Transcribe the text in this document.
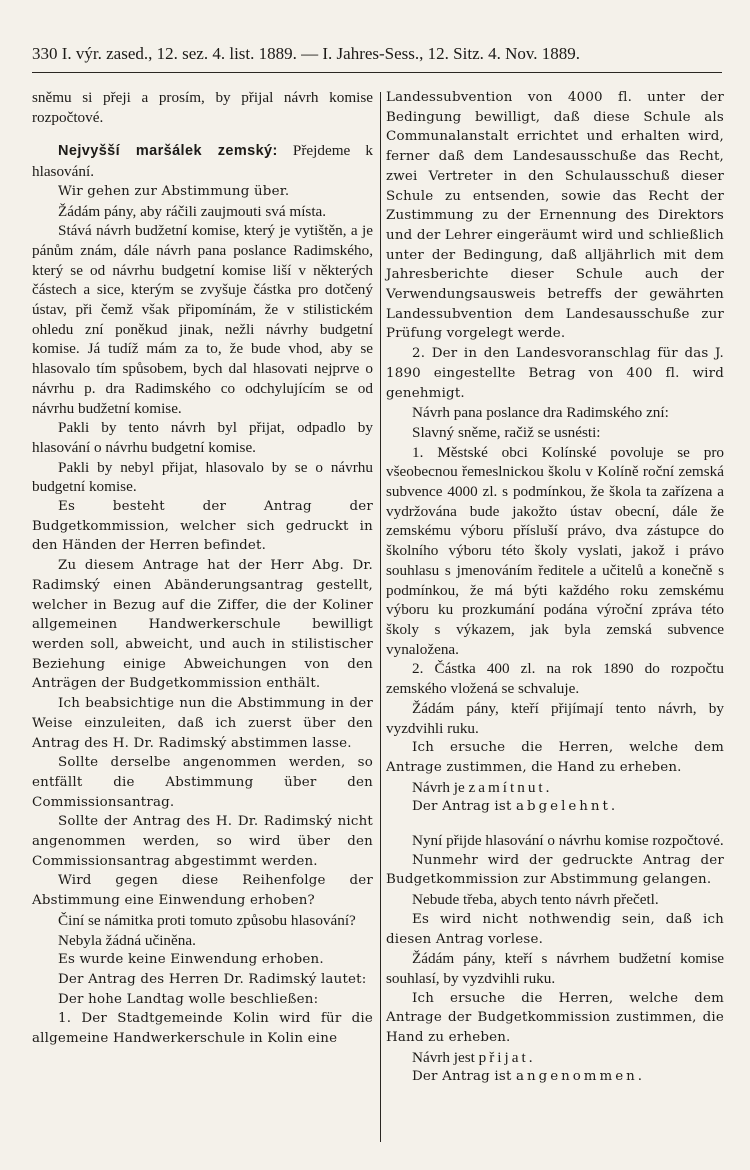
330 I. výr. zased., 12. sez. 4. list. 1889. — I. Jahres-Sess., 12. Sitz. 4. Nov. 1889.

sněmu si přeji a prosím, by přijal návrh komise rozpočtové.

Nejvyšší maršálek zemský: Přejdeme k hlasování.

Wir gehen zur Abstimmung über.

Žádám pány, aby ráčili zaujmouti svá místa.

Stává návrh budžetní komise, který je vytištěn, a je pánům znám, dále návrh pana poslance Radimského, který se od návrhu budgetní komise liší v některých částech a sice, kterým se zvyšuje částka pro dotčený ústav, při čemž však připomínám, že v stilistickém ohledu zní poněkud jinak, nežli návrhy budgetní komise. Já tudíž mám za to, že bude vhod, aby se hlasovalo tím spůsobem, bych dal hlasovati nejprve o návrhu p. dra Radimského co odchylujícím se od návrhu budžetní komise.

Pakli by tento návrh byl přijat, odpadlo by hlasování o návrhu budgetní komise.

Pakli by nebyl přijat, hlasovalo by se o návrhu budgetní komise.

Es besteht der Antrag der Budgetkommission, welcher sich gedruckt in den Händen der Herren befindet.

Zu diesem Antrage hat der Herr Abg. Dr. Radimský einen Abänderungsantrag gestellt, welcher in Bezug auf die Ziffer, die der Koliner allgemeinen Handwerkerschule bewilligt werden soll, abweicht, und auch in stilistischer Beziehung einige Abweichungen von den Anträgen der Budgetkommission enthält.

Ich beabsichtige nun die Abstimmung in der Weise einzuleiten, daß ich zuerst über den Antrag des H. Dr. Radimský abstimmen lasse.

Sollte derselbe angenommen werden, so entfällt die Abstimmung über den Commissionsantrag.

Sollte der Antrag des H. Dr. Radimský nicht angenommen werden, so wird über den Commissionsantrag abgestimmt werden.

Wird gegen diese Reihenfolge der Abstimmung eine Einwendung erhoben?

Činí se námitka proti tomuto způsobu hlasování?

Nebyla žádná učiněna.

Es wurde keine Einwendung erhoben.

Der Antrag des Herren Dr. Radimský lautet:

Der hohe Landtag wolle beschließen:

1. Der Stadtgemeinde Kolin wird für die allgemeine Handwerkerschule in Kolin eine

Landessubvention von 4000 fl. unter der Bedingung bewilligt, daß diese Schule als Communalanstalt errichtet und erhalten wird, ferner daß dem Landesausschuße das Recht, zwei Vertreter in den Schulausschuß dieser Schule zu entsenden, sowie das Recht der Zustimmung zu der Ernennung des Direktors und der Lehrer eingeräumt wird und schließlich unter der Bedingung, daß alljährlich mit dem Jahresberichte dieser Schule auch der Verwendungsausweis betreffs der gewährten Landessubvention dem Landesausschuße zur Prüfung vorgelegt werde.

2. Der in den Landesvoranschlag für das J. 1890 eingestellte Betrag von 400 fl. wird genehmigt.

Návrh pana poslance dra Radimského zní:

Slavný sněme, račiž se usnésti:

1. Městské obci Kolínské povoluje se pro všeobecnou řemeslnickou školu v Kolíně roční zemská subvence 4000 zl. s podmínkou, že škola ta zařízena a vydržována bude jakožto ústav obecní, dále že zemskému výboru přísluší právo, dva zástupce do školního výboru této školy vyslati, jakož i právo souhlasu s jmenováním ředitele a učitelů a konečně s podmínkou, že má býti každého roku zemskému výboru ku prozkumání podána výroční zpráva této školy s výkazem, jak byla zemská subvence vynaložena.

2. Částka 400 zl. na rok 1890 do rozpočtu zemského vložená se schvaluje.

Žádám pány, kteří přijímají tento návrh, by vyzdvihli ruku.

Ich ersuche die Herren, welche dem Antrage zustimmen, die Hand zu erheben.

Návrh je zamítnut.

Der Antrag ist abgelehnt.

Nyní přijde hlasování o návrhu komise rozpočtové.

Nunmehr wird der gedruckte Antrag der Budgetkommission zur Abstimmung gelangen.

Nebude třeba, abych tento návrh přečetl.

Es wird nicht nothwendig sein, daß ich diesen Antrag vorlese.

Žádám pány, kteří s návrhem budžetní komise souhlasí, by vyzdvihli ruku.

Ich ersuche die Herren, welche dem Antrage der Budgetkommission zustimmen, die Hand zu erheben.

Návrh jest přijat.

Der Antrag ist angenommen.
